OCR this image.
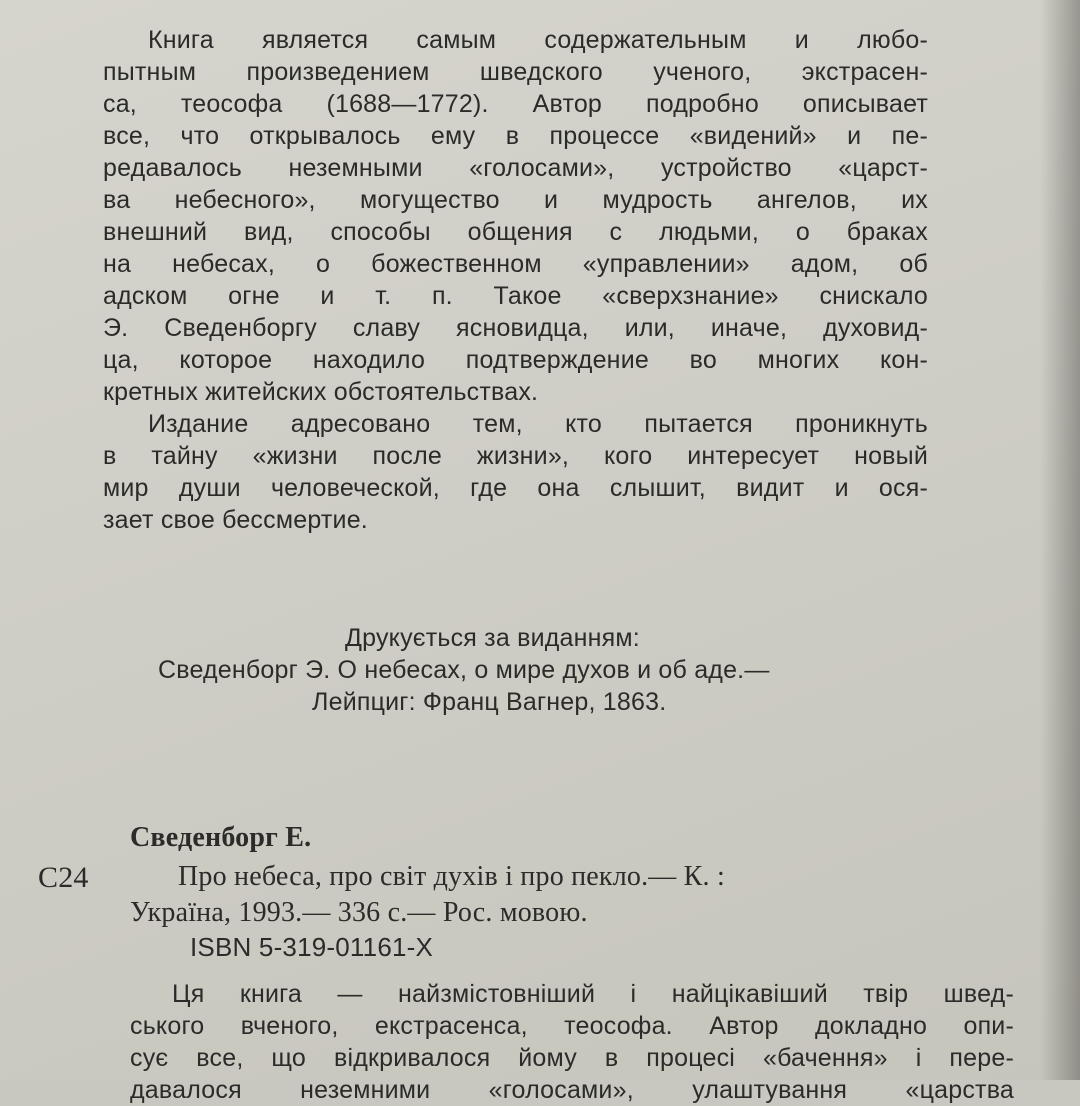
Книга является самым содержательным и любо-
пытным произведением шведского ученого, экстрасен-
са, теософа (1688—1772). Автор подробно описывает
все, что открывалось ему в процессе «видений» и пе-
редавалось неземными «голосами», устройство «царст-
ва небесного», могущество и мудрость ангелов, их
внешний вид, способы общения с людьми, о браках
на небесах, о божественном «управлении» адом, об
адском огне и т. п. Такое «сверхзнание» снискало
Э. Сведенборгу славу ясновидца, или, иначе, духовид-
ца, которое находило подтверждение во многих кон-
кретных житейских обстоятельствах.
Издание адресовано тем, кто пытается проникнуть
в тайну «жизни после жизни», кого интересует новый
мир души человеческой, где она слышит, видит и ося-
зает свое бессмертие.
Друкується за виданням:
Сведенборг Э. О небесах, о мире духов и об аде.—
Лейпциг: Франц Вагнер, 1863.
Сведенборг Е.
С24	Про небеса, про світ духів і про пекло.— К. :
Україна, 1993.— 336 с.— Рос. мовою.
ISBN 5-319-01161-X
Ця книга — найзмістовніший і найцікавіший твір швед-
ського вченого, екстрасенса, теософа. Автор докладно опи-
сує все, що відкривалося йому в процесі «бачення» і пере-
давалося неземними «голосами», улаштування «царства
